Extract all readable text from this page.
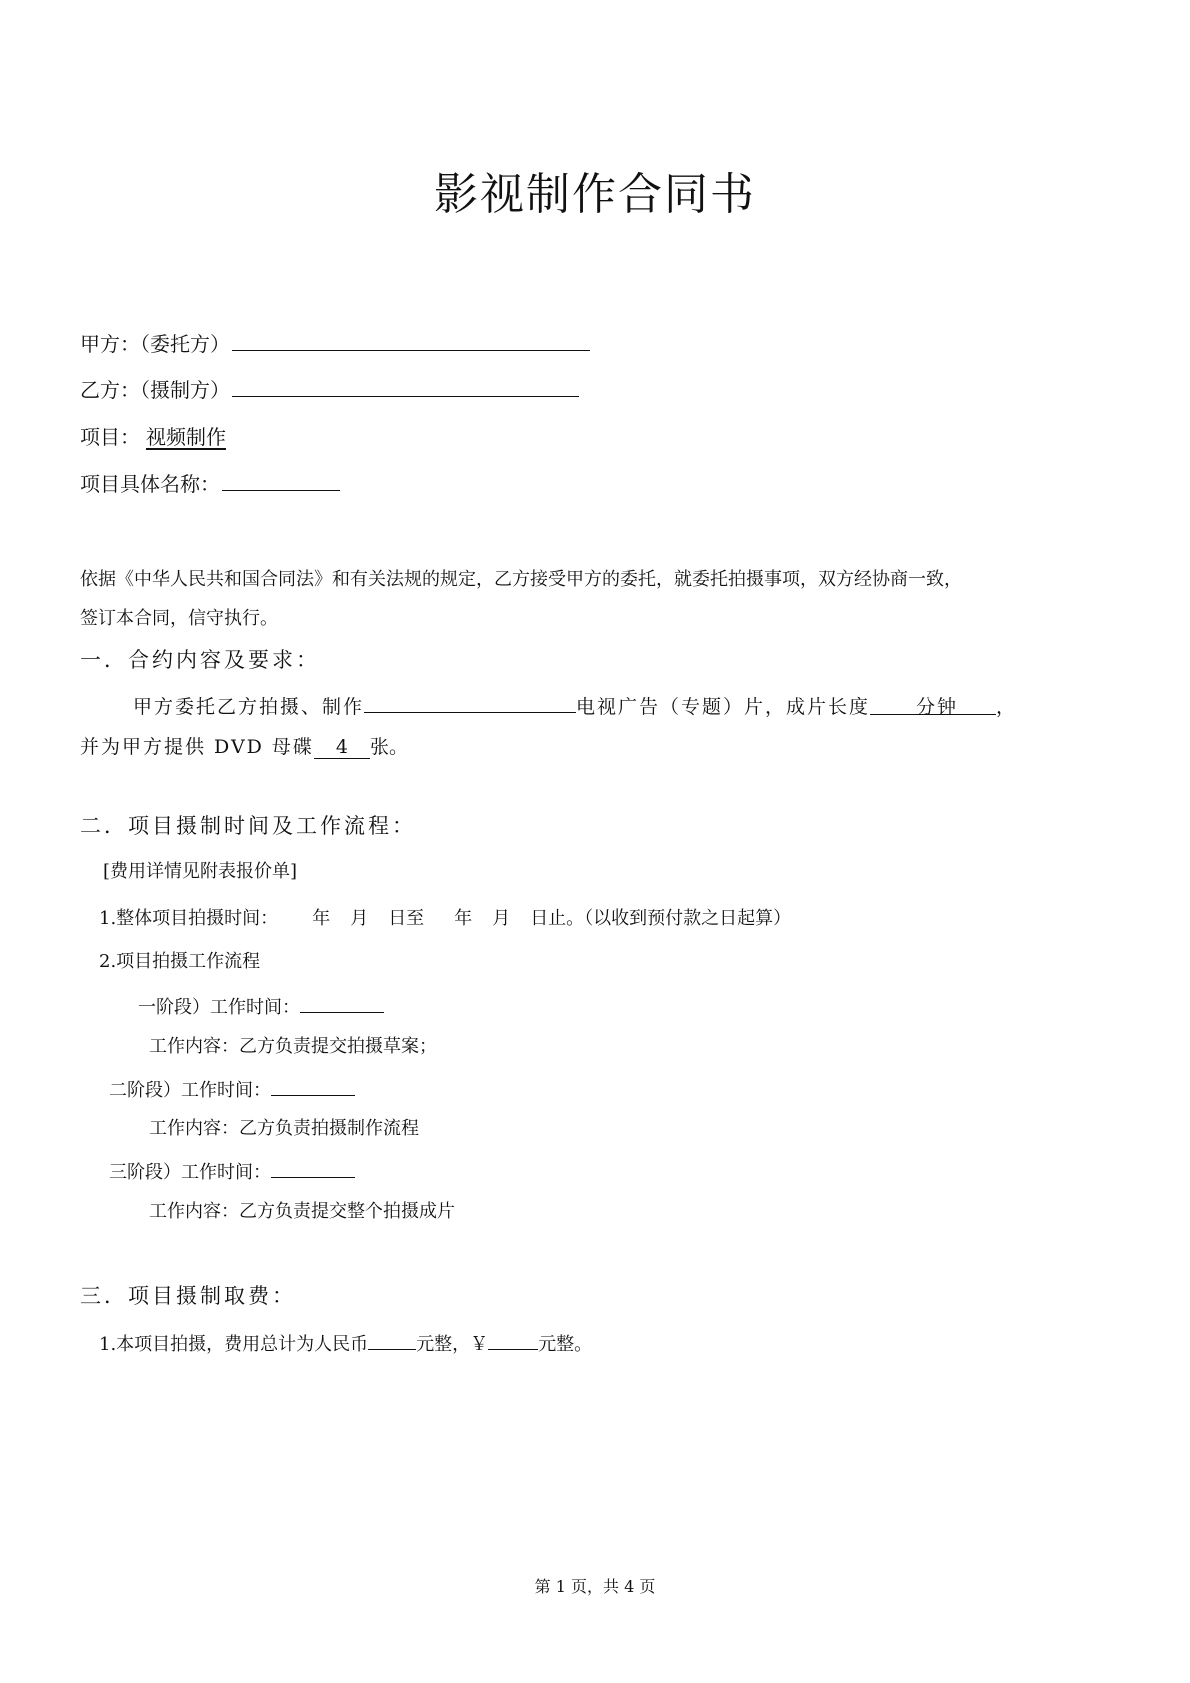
影视制作合同书
甲方：（委托方）
乙方：（摄制方）
项目： 视频制作
项目具体名称：
依据《中华人民共和国合同法》和有关法规的规定，乙方接受甲方的委托，就委托拍摄事项，双方经协商一致，
签订本合同，信守执行。
一．合约内容及要求：
甲方委托乙方拍摄、制作	电视广告（专题）片，成片长度 分钟 ，
并为甲方提供 DVD 母碟 4 张。
二．项目摄制时间及工作流程：
[费用详情见附表报价单]
1.整体项目拍摄时间： 年 月 日至 年 月 日止。（以收到预付款之日起算）
2.项目拍摄工作流程
一阶段）工作时间：
工作内容：乙方负责提交拍摄草案；
二阶段）工作时间：
工作内容：乙方负责拍摄制作流程
三阶段）工作时间：
工作内容：乙方负责提交整个拍摄成片
三．项目摄制取费：
1.本项目拍摄，费用总计为人民币	元整，￥	元整。
第 1 页，共 4 页
